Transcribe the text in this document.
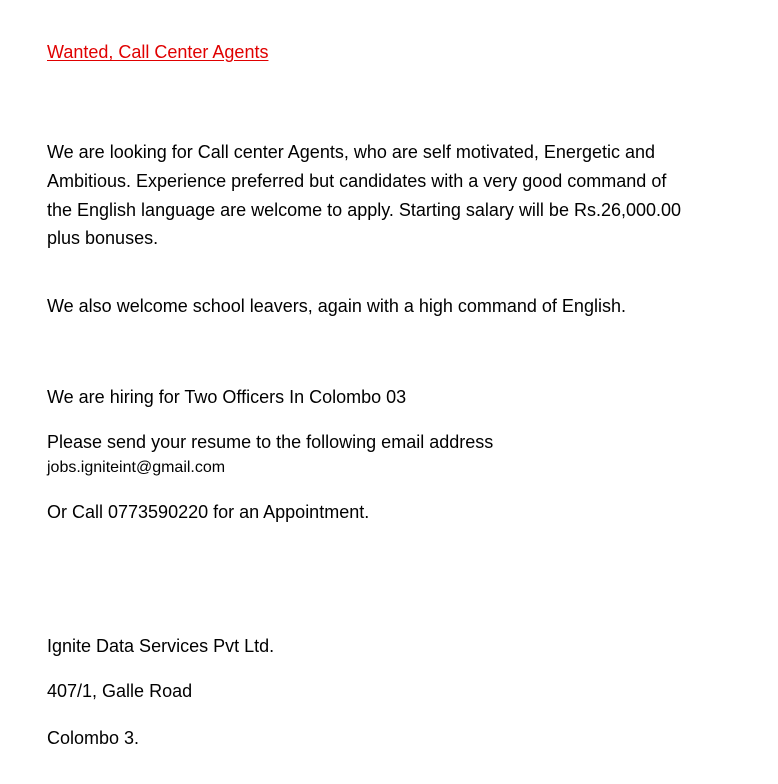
Wanted, Call Center Agents
We are looking for Call center Agents, who are self motivated, Energetic and
Ambitious. Experience preferred but candidates with a very good command of
the English language are welcome to apply. Starting salary will be Rs.26,000.00
plus bonuses.

We also welcome school leavers, again with a high command of English.

We are hiring for Two Officers In Colombo 03

Please send your resume to the following email address

jobs.igniteint@gmail.com

Or Call 0773590220 for an Appointment.

Ignite Data Services Pvt Ltd.

407/1, Galle Road

Colombo 3.
